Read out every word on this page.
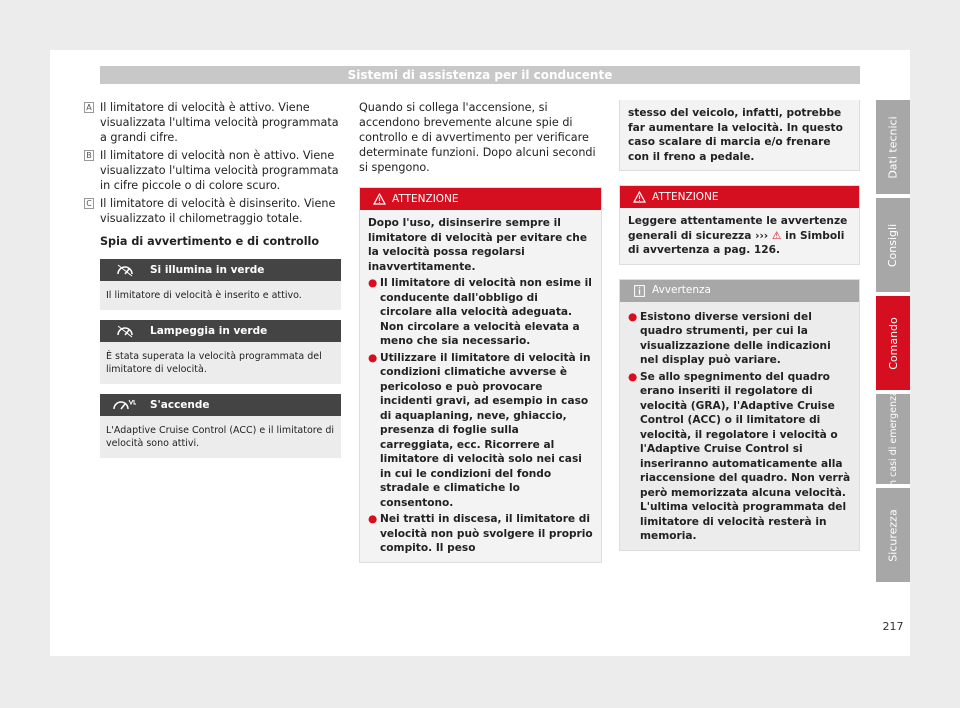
Sistemi di assistenza per il conducente
A Il limitatore di velocità è attivo. Viene visualizzata l'ultima velocità programmata a grandi cifre.
B Il limitatore di velocità non è attivo. Viene visualizzato l'ultima velocità programmata in cifre piccole o di colore scuro.
C Il limitatore di velocità è disinserito. Viene visualizzato il chilometraggio totale.
Spia di avvertimento e di controllo
Si illumina in verde
Il limitatore di velocità è inserito e attivo.
Lampeggia in verde
È stata superata la velocità programmata del limitatore di velocità.
S'accende
L'Adaptive Cruise Control (ACC) e il limitatore di velocità sono attivi.

Quando si collega l'accensione, si accendono brevemente alcune spie di controllo e di avvertimento per verificare determinate funzioni. Dopo alcuni secondi si spengono.

ATTENZIONE

Dopo l'uso, disinserire sempre il limitatore di velocità per evitare che la velocità possa regolarsi inavvertitamente.

● Il limitatore di velocità non esime il conducente dall'obbligo di circolare alla velocità adeguata. Non circolare a velocità elevata a meno che sia necessario.
● Utilizzare il limitatore di velocità in condizioni climatiche avverse è pericoloso e può provocare incidenti gravi, ad esempio in caso di aquaplaning, neve, ghiaccio, presenza di foglie sulla carreggiata, ecc. Ricorrere al limitatore di velocità solo nei casi in cui le condizioni del fondo stradale e climatiche lo consentono.
● Nei tratti in discesa, il limitatore di velocità non può svolgere il proprio compito. Il peso
stesso del veicolo, infatti, potrebbe far aumentare la velocità. In questo caso scalare di marcia e/o frenare con il freno a pedale.
ATTENZIONE
Leggere attentamente le avvertenze generali di sicurezza ››› ⚠ in Simboli di avvertenza a pag. 126.
Avvertenza
● Esistono diverse versioni del quadro strumenti, per cui la visualizzazione delle indicazioni nel display può variare.
● Se allo spegnimento del quadro erano inseriti il regolatore di velocità (GRA), l'Adaptive Cruise Control (ACC) o il limitatore di velocità, il regolatore i velocità o l'Adaptive Cruise Control si inseriranno automaticamente alla riaccensione del quadro. Non verrà però memorizzata alcuna velocità. L'ultima velocità programmata del limitatore di velocità resterà in memoria.
Dati tecnici
Consigli
Comando
In casi di emergenza
Sicurezza
217
